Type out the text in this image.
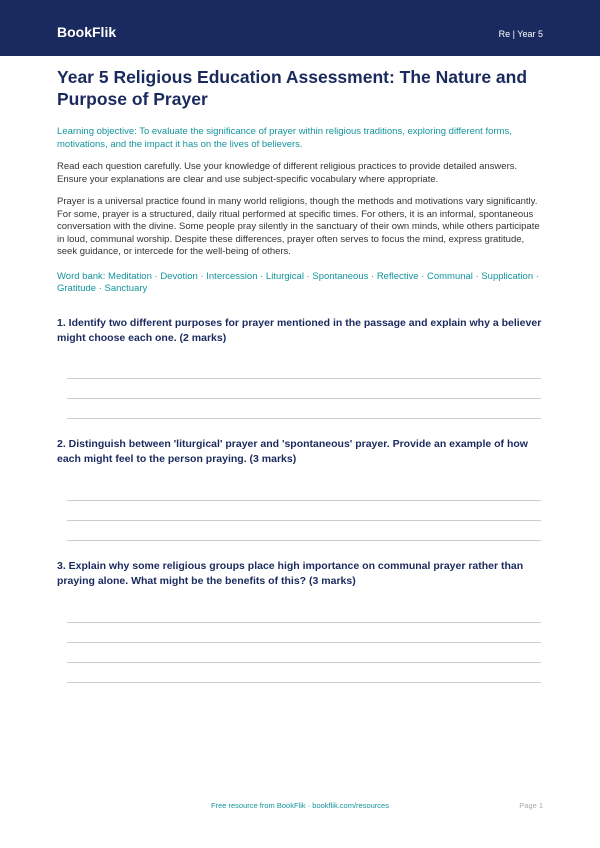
BookFlik	Re | Year 5
Year 5 Religious Education Assessment: The Nature and Purpose of Prayer

Learning objective: To evaluate the significance of prayer within religious traditions, exploring different forms, motivations, and the impact it has on the lives of believers.

Read each question carefully. Use your knowledge of different religious practices to provide detailed answers. Ensure your explanations are clear and use subject-specific vocabulary where appropriate.

Prayer is a universal practice found in many world religions, though the methods and motivations vary significantly. For some, prayer is a structured, daily ritual performed at specific times. For others, it is an informal, spontaneous conversation with the divine. Some people pray silently in the sanctuary of their own minds, while others participate in loud, communal worship. Despite these differences, prayer often serves to focus the mind, express gratitude, seek guidance, or intercede for the well-being of others.

Word bank: Meditation · Devotion · Intercession · Liturgical · Spontaneous · Reflective · Communal · Supplication · Gratitude · Sanctuary

1. Identify two different purposes for prayer mentioned in the passage and explain why a believer might choose each one. (2 marks)

2. Distinguish between 'liturgical' prayer and 'spontaneous' prayer. Provide an example of how each might feel to the person praying. (3 marks)

3. Explain why some religious groups place high importance on communal prayer rather than praying alone. What might be the benefits of this? (3 marks)

Free resource from BookFlik · bookflik.com/resources	Page 1
